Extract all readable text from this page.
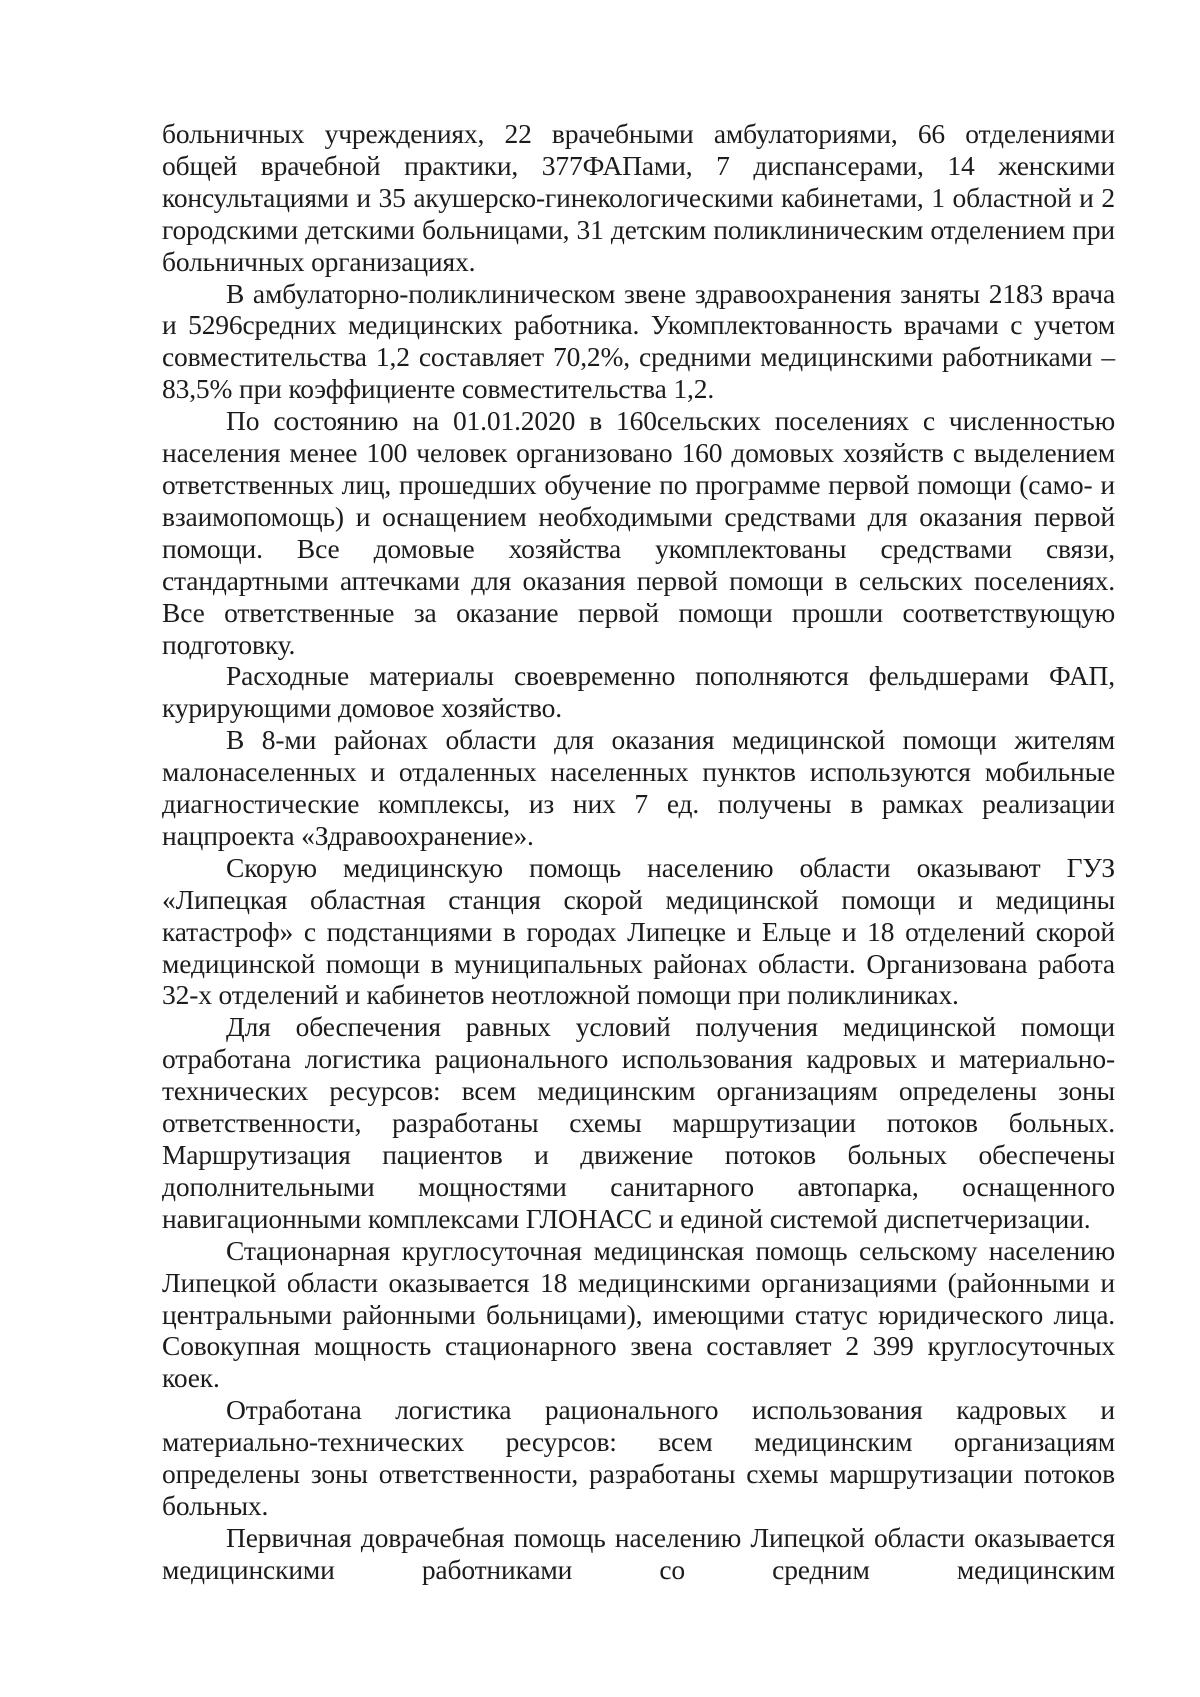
больничных учреждениях, 22 врачебными амбулаториями, 66 отделениями общей врачебной практики, 377ФАПами, 7 диспансерами, 14 женскими консультациями и 35 акушерско-гинекологическими кабинетами, 1 областной и 2 городскими детскими больницами, 31 детским поликлиническим отделением при больничных организациях.

В амбулаторно-поликлиническом звене здравоохранения заняты 2183 врача и 5296средних медицинских работника. Укомплектованность врачами с учетом совместительства 1,2 составляет 70,2%, средними медицинскими работниками – 83,5% при коэффициенте совместительства 1,2.

По состоянию на 01.01.2020 в 160сельских поселениях с численностью населения менее 100 человек организовано 160 домовых хозяйств с выделением ответственных лиц, прошедших обучение по программе первой помощи (само- и взаимопомощь) и оснащением необходимыми средствами для оказания первой помощи. Все домовые хозяйства укомплектованы средствами связи, стандартными аптечками для оказания первой помощи в сельских поселениях. Все ответственные за оказание первой помощи прошли соответствующую подготовку.

Расходные материалы своевременно пополняются фельдшерами ФАП, курирующими домовое хозяйство.

В 8-ми районах области для оказания медицинской помощи жителям малонаселенных и отдаленных населенных пунктов используются мобильные диагностические комплексы, из них 7 ед. получены в рамках реализации нацпроекта «Здравоохранение».

Скорую медицинскую помощь населению области оказывают ГУЗ «Липецкая областная станция скорой медицинской помощи и медицины катастроф» с подстанциями в городах Липецке и Ельце и 18 отделений скорой медицинской помощи в муниципальных районах области. Организована работа 32-х отделений и кабинетов неотложной помощи при поликлиниках.

Для обеспечения равных условий получения медицинской помощи отработана логистика рационального использования кадровых и материально-технических ресурсов: всем медицинским организациям определены зоны ответственности, разработаны схемы маршрутизации потоков больных. Маршрутизация пациентов и движение потоков больных обеспечены дополнительными мощностями санитарного автопарка, оснащенного навигационными комплексами ГЛОНАСС и единой системой диспетчеризации.

Стационарная круглосуточная медицинская помощь сельскому населению Липецкой области оказывается 18 медицинскими организациями (районными и центральными районными больницами), имеющими статус юридического лица. Совокупная мощность стационарного звена составляет 2 399 круглосуточных коек.

Отработана логистика рационального использования кадровых и материально-технических ресурсов: всем медицинским организациям определены зоны ответственности, разработаны схемы маршрутизации потоков больных.

Первичная доврачебная помощь населению Липецкой области оказывается медицинскими работниками со средним медицинским
